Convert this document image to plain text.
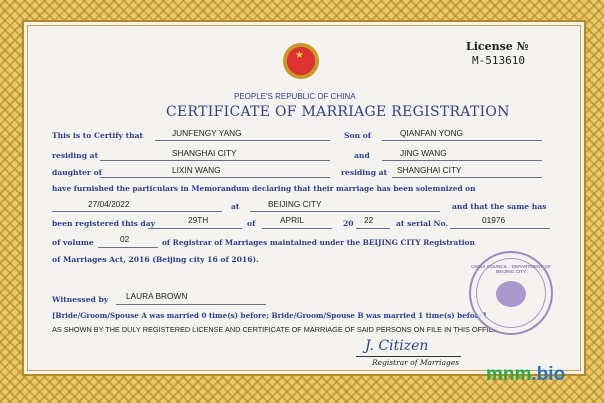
★
License №
M-513610
PEOPLE'S REPUBLIC OF CHINA
CERTIFICATE OF MARRIAGE REGISTRATION
This is to Certify that	JUNFENGY YANG	Son of	QIANFAN YONG
residing at	SHANGHAI CITY	and	JING WANG
daughter of	LIXIN WANG	residing at SHANGHAI CITY
have furnished the particulars in Memorandum declaring that their marriage has been solemnized on
27/04/2022	at	BEIJING CITY	and that the same has
been registered this day	29TH	of	APRIL	20 22	at serial No.	01976
of volume	02	of Registrar of Marriages maintained under the BEIJING CITY Registration
of Marriages Act, 2016 (Beijing city 16 of 2016).
Witnessed by LAURA BROWN
[Bride/Groom/Spouse A was married 0 time(s) before; Bride/Groom/Spouse B was married 1 time(s) before]
AS SHOWN BY THE DULY REGISTERED LICENSE AND CERTIFICATE OF MARRIAGE OF SAID PERSONS ON FILE IN THIS OFFICE
CHINA COUNCIL · DEPARTMENT OF BEIJING CITY
J. Citizen
Registrar of Marriages
mnm.bio
